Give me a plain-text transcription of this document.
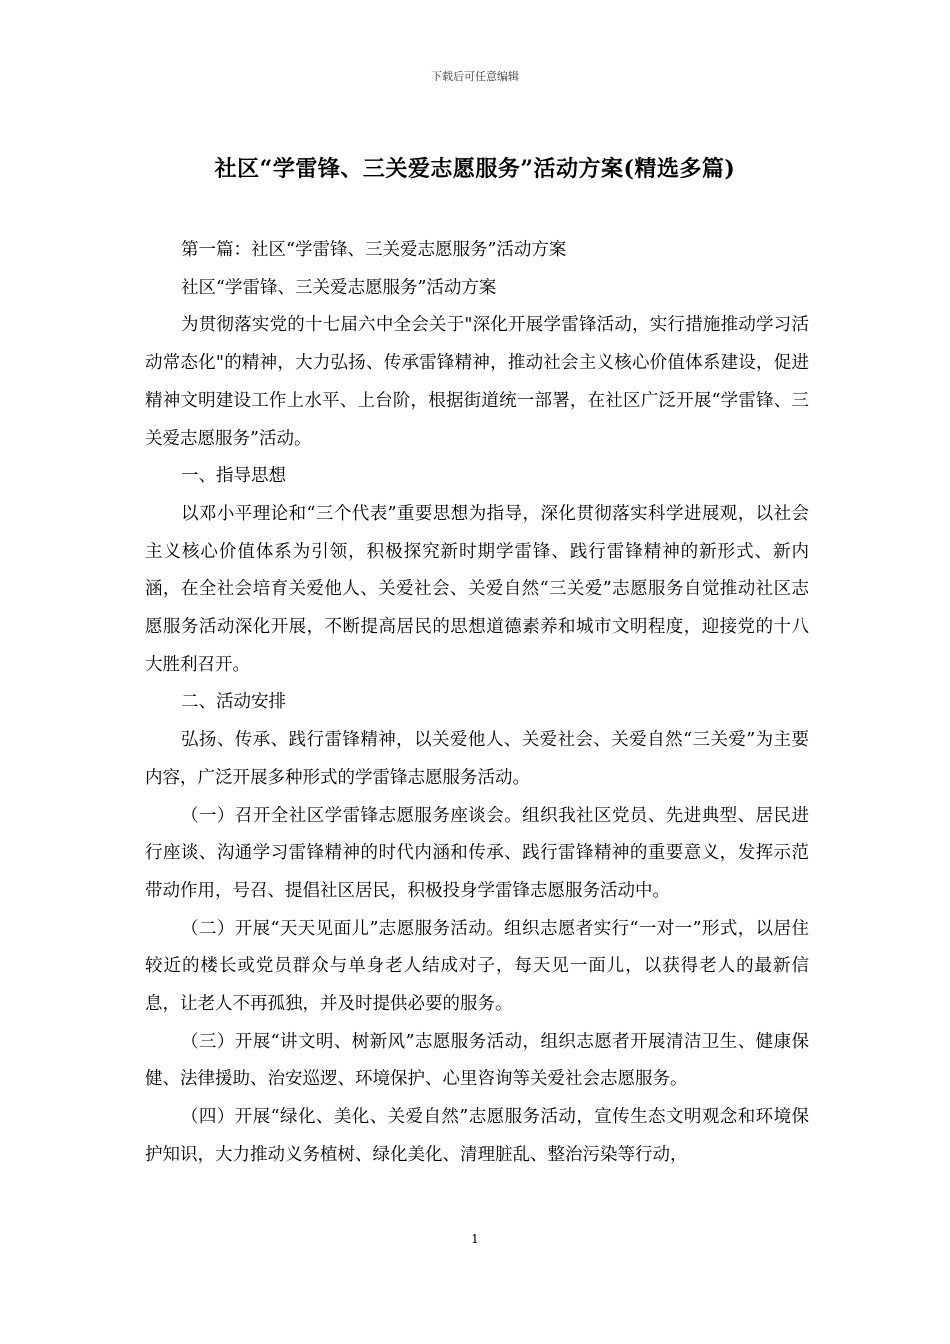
下载后可任意编辑
社区“学雷锋、三关爱志愿服务”活动方案(精选多篇)

第一篇：社区“学雷锋、三关爱志愿服务”活动方案

社区“学雷锋、三关爱志愿服务”活动方案

为贯彻落实党的十七届六中全会关于"深化开展学雷锋活动，实行措施推动学习活动常态化"的精神，大力弘扬、传承雷锋精神，推动社会主义核心价值体系建设，促进精神文明建设工作上水平、上台阶，根据街道统一部署，在社区广泛开展“学雷锋、三关爱志愿服务”活动。

一、指导思想

以邓小平理论和“三个代表”重要思想为指导，深化贯彻落实科学进展观，以社会主义核心价值体系为引领，积极探究新时期学雷锋、践行雷锋精神的新形式、新内涵，在全社会培育关爱他人、关爱社会、关爱自然“三关爱”志愿服务自觉推动社区志愿服务活动深化开展，不断提高居民的思想道德素养和城市文明程度，迎接党的十八大胜利召开。

二、活动安排

弘扬、传承、践行雷锋精神，以关爱他人、关爱社会、关爱自然“三关爱”为主要内容，广泛开展多种形式的学雷锋志愿服务活动。

（一）召开全社区学雷锋志愿服务座谈会。组织我社区党员、先进典型、居民进行座谈、沟通学习雷锋精神的时代内涵和传承、践行雷锋精神的重要意义，发挥示范带动作用，号召、提倡社区居民，积极投身学雷锋志愿服务活动中。

（二）开展“天天见面儿”志愿服务活动。组织志愿者实行“一对一”形式，以居住较近的楼长或党员群众与单身老人结成对子，每天见一面儿，以获得老人的最新信息，让老人不再孤独，并及时提供必要的服务。

（三）开展“讲文明、树新风”志愿服务活动，组织志愿者开展清洁卫生、健康保健、法律援助、治安巡逻、环境保护、心里咨询等关爱社会志愿服务。

（四）开展“绿化、美化、关爱自然”志愿服务活动，宣传生态文明观念和环境保护知识，大力推动义务植树、绿化美化、清理脏乱、整治污染等行动，

1
